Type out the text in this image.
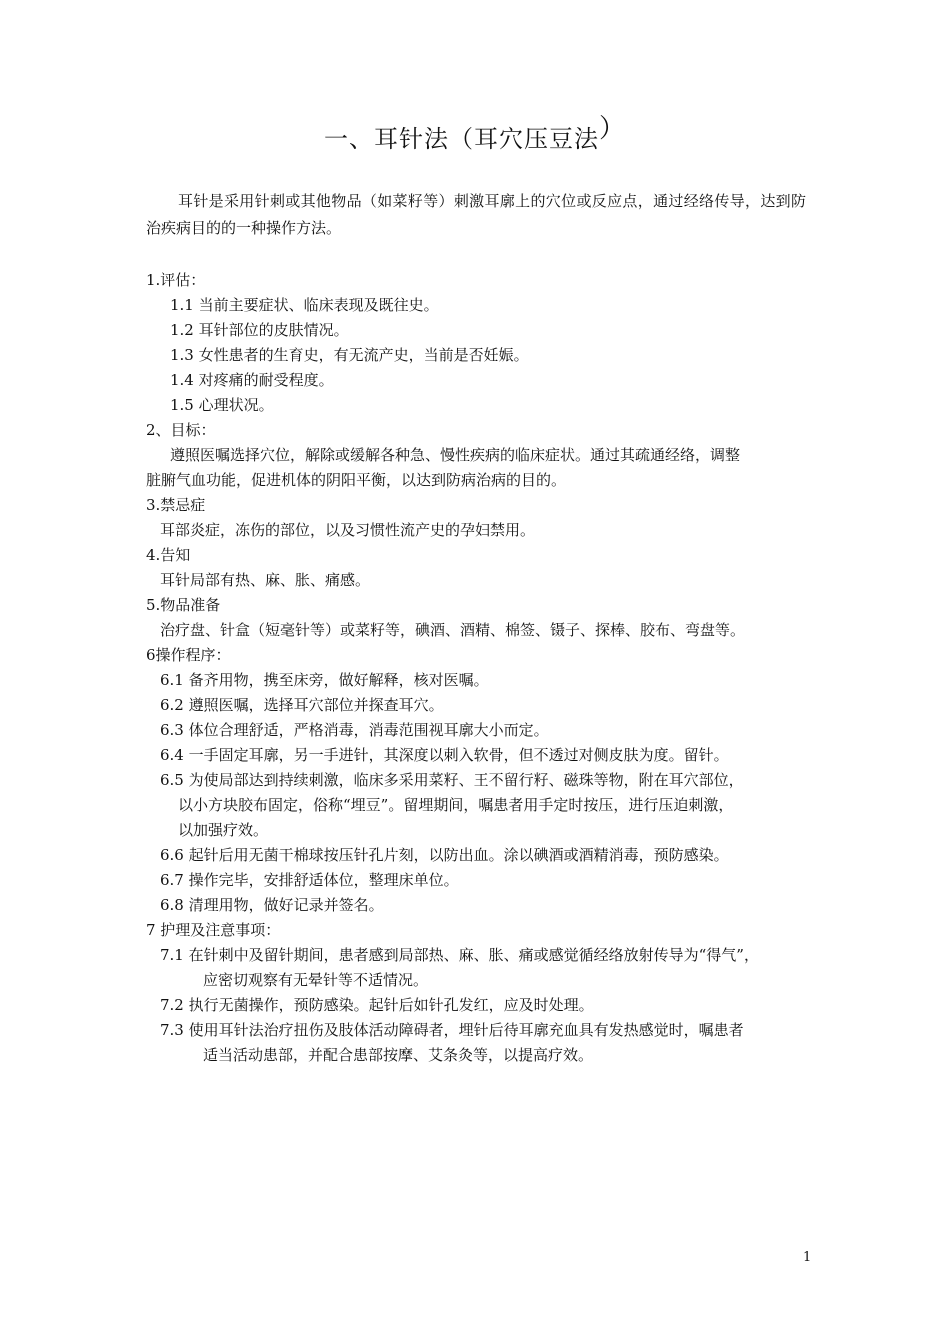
一、耳针法（耳穴压豆法）
耳针是采用针刺或其他物品（如菜籽等）刺激耳廓上的穴位或反应点，通过经络传导，达到防治疾病目的的一种操作方法。
1.评估：
1.1 当前主要症状、临床表现及既往史。
1.2 耳针部位的皮肤情况。
1.3 女性患者的生育史，有无流产史，当前是否妊娠。
1.4 对疼痛的耐受程度。
1.5 心理状况。
2、目标：
遵照医嘱选择穴位，解除或缓解各种急、慢性疾病的临床症状。通过其疏通经络，调整
脏腑气血功能，促进机体的阴阳平衡，以达到防病治病的目的。
3.禁忌症
耳部炎症，冻伤的部位，以及习惯性流产史的孕妇禁用。
4.告知
耳针局部有热、麻、胀、痛感。
5.物品准备
治疗盘、针盒（短毫针等）或菜籽等，碘酒、酒精、棉签、镊子、探棒、胶布、弯盘等。
6操作程序：
6.1 备齐用物，携至床旁，做好解释，核对医嘱。
6.2 遵照医嘱，选择耳穴部位并探查耳穴。
6.3 体位合理舒适，严格消毒，消毒范围视耳廓大小而定。
6.4 一手固定耳廓，另一手进针，其深度以刺入软骨，但不透过对侧皮肤为度。留针。
6.5 为使局部达到持续刺激，临床多采用菜籽、王不留行籽、磁珠等物，附在耳穴部位，
以小方块胶布固定，俗称“埋豆”。留埋期间，嘱患者用手定时按压，进行压迫刺激，
以加强疗效。
6.6 起针后用无菌干棉球按压针孔片刻，以防出血。涂以碘酒或酒精消毒，预防感染。
6.7 操作完毕，安排舒适体位，整理床单位。
6.8 清理用物，做好记录并签名。
7 护理及注意事项：
7.1 在针刺中及留针期间，患者感到局部热、麻、胀、痛或感觉循经络放射传导为“得气”，
应密切观察有无晕针等不适情况。
7.2 执行无菌操作，预防感染。起针后如针孔发红，应及时处理。
7.3 使用耳针法治疗扭伤及肢体活动障碍者，埋针后待耳廓充血具有发热感觉时，嘱患者
适当活动患部，并配合患部按摩、艾条灸等，以提高疗效。
1
